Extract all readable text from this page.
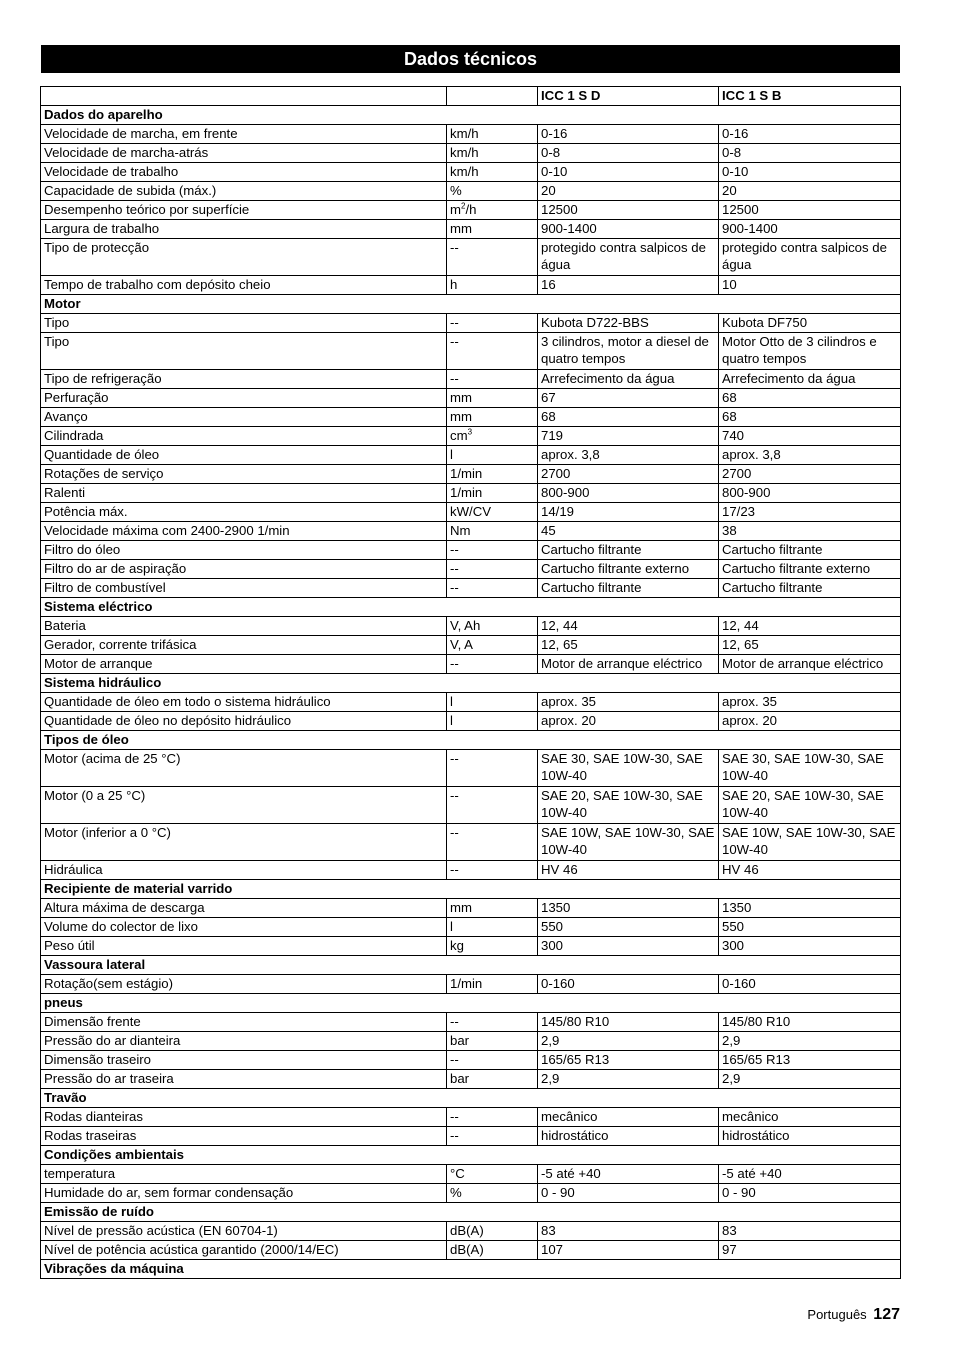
Dados técnicos
		ICC 1 S D	ICC 1 S B
Dados do aparelho			
Velocidade de marcha, em frente	km/h	0-16	0-16
Velocidade de marcha-atrás	km/h	0-8	0-8
Velocidade de trabalho	km/h	0-10	0-10
Capacidade de subida (máx.)	%	20	20
Desempenho teórico por superfície	$m^2/h$	12500	12500
Largura de trabalho	mm	900-1400	900-1400
Tipo de protecção	--	protegido contra salpicos de água	protegido contra salpicos de água
Tempo de trabalho com depósito cheio	h	16	10
Motor			
Tipo	--	Kubota D722-BBS	Kubota DF750
Tipo	--	3 cilindros, motor a diesel de quatro tempos	Motor Otto de 3 cilindros e quatro tempos
Tipo de refrigeração	--	Arrefecimento da água	Arrefecimento da água
Perfuração	mm	67	68
Avanço	mm	68	68
Cilindrada	$cm^3$	719	740
Quantidade de óleo	l	aprox. 3,8	aprox. 3,8
Rotações de serviço	1/min	2700	2700
Ralenti	1/min	800-900	800-900
Potência máx.	kW/CV	14/19	17/23
Velocidade máxima com 2400-2900 1/min	Nm	45	38
Filtro do óleo	--	Cartucho filtrante	Cartucho filtrante
Filtro do ar de aspiração	--	Cartucho filtrante externo	Cartucho filtrante externo
Filtro de combustível	--	Cartucho filtrante	Cartucho filtrante
Sistema eléctrico			
Bateria	V, Ah	12, 44	12, 44
Gerador, corrente trifásica	V, A	12, 65	12, 65
Motor de arranque	--	Motor de arranque eléctrico	Motor de arranque eléctrico
Sistema hidráulico			
Quantidade de óleo em todo o sistema hidráulico	l	aprox. 35	aprox. 35
Quantidade de óleo no depósito hidráulico	l	aprox. 20	aprox. 20
Tipos de óleo			
Motor (acima de 25 °C)	--	SAE 30, SAE 10W-30, SAE 10W-40	SAE 30, SAE 10W-30, SAE 10W-40
Motor (0 a 25 °C)	--	SAE 20, SAE 10W-30, SAE 10W-40	SAE 20, SAE 10W-30, SAE 10W-40
Motor (inferior a 0 °C)	--	SAE 10W, SAE 10W-30, SAE 10W-40	SAE 10W, SAE 10W-30, SAE 10W-40
Hidráulica	--	HV 46	HV 46
Recipiente de material varrido			
Altura máxima de descarga	mm	1350	1350
Volume do colector de lixo	l	550	550
Peso útil	kg	300	300
Vassoura lateral			
Rotação(sem estágio)	1/min	0-160	0-160
pneus			
Dimensão frente	--	145/80 R10	145/80 R10
Pressão do ar dianteira	bar	2,9	2,9
Dimensão traseiro	--	165/65 R13	165/65 R13
Pressão do ar traseira	bar	2,9	2,9
Travão			
Rodas dianteiras	--	mecânico	mecânico
Rodas traseiras	--	hidrostático	hidrostático
Condições ambientais			
temperatura	°C	-5 até +40	-5 até +40
Humidade do ar, sem formar condensação	%	0 - 90	0 - 90
Emissão de ruído			
Nível de pressão acústica (EN 60704-1)	dB(A)	83	83
Nível de potência acústica garantido (2000/14/EC)	dB(A)	107	97
Vibrações da máquina			
Português 127
